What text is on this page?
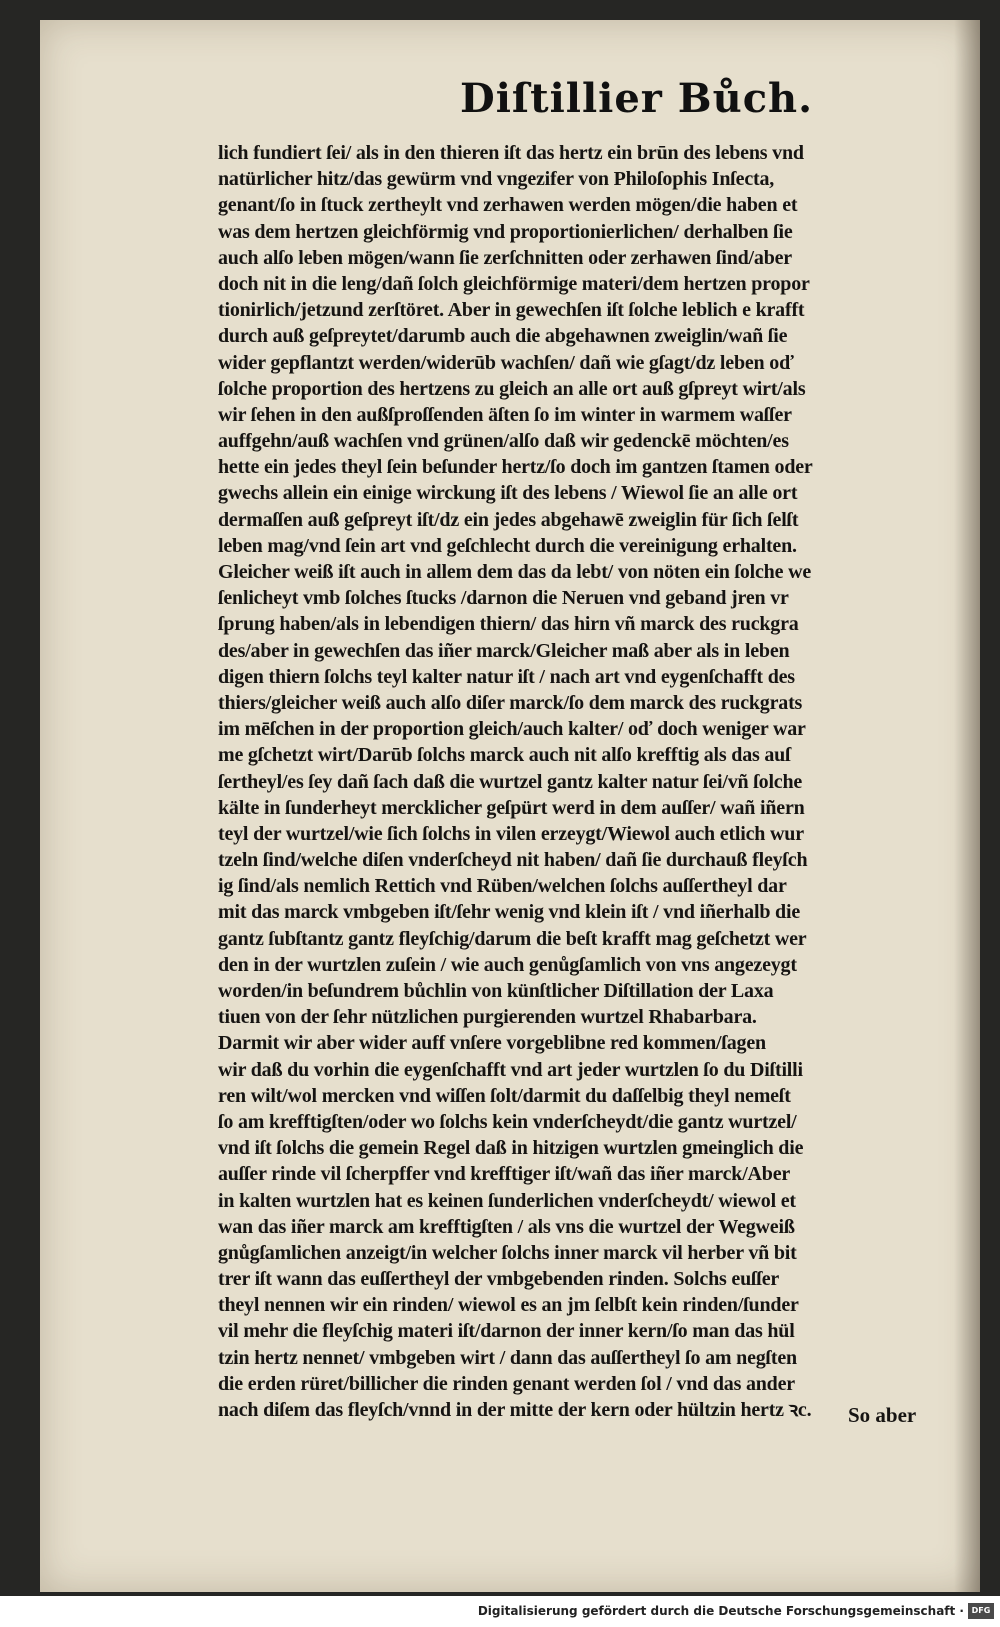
Diſtillier Bůch.
lich fundiert ſei/ als in den thieren iſt das hertz ein brūn des lebens vnd
natürlicher hitz/das gewürm vnd vngezifer von Philoſophis Inſecta,
genant/ſo in ſtuck zertheylt vnd zerhawen werden mögen/die haben et
was dem hertzen gleichförmig vnd proportionierlichen/ derhalben ſie
auch alſo leben mögen/wann ſie zerſchnitten oder zerhawen ſind/aber
doch nit in die leng/dañ ſolch gleichförmige materi/dem hertzen propor
tionirlich/jetzund zerſtöret. Aber in gewechſen iſt ſolche leblich e krafft
durch auß geſpreytet/darumb auch die abgehawnen zweiglin/wañ ſie
wider gepflantzt werden/widerūb wachſen/ dañ wie gſagt/dz leben oď
ſolche proportion des hertzens zu gleich an alle ort auß gſpreyt wirt/als
wir ſehen in den außſproſſenden äſten ſo im winter in warmem waſſer
auffgehn/auß wachſen vnd grünen/alſo daß wir gedenckē möchten/es
hette ein jedes theyl ſein beſunder hertz/ſo doch im gantzen ſtamen oder
gwechs allein ein einige wirckung iſt des lebens / Wiewol ſie an alle ort
dermaſſen auß geſpreyt iſt/dz ein jedes abgehawē zweiglin für ſich ſelſt
leben mag/vnd ſein art vnd geſchlecht durch die vereinigung erhalten.
Gleicher weiß iſt auch in allem dem das da lebt/ von nöten ein ſolche we
ſenlicheyt vmb ſolches ſtucks /darnon die Neruen vnd geband jren vr
ſprung haben/als in lebendigen thiern/ das hirn vñ marck des ruckgra
des/aber in gewechſen das iñer marck/Gleicher maß aber als in leben
digen thiern ſolchs teyl kalter natur iſt / nach art vnd eygenſchafft des
thiers/gleicher weiß auch alſo diſer marck/ſo dem marck des ruckgrats
im mēſchen in der proportion gleich/auch kalter/ oď doch weniger war
me gſchetzt wirt/Darūb ſolchs marck auch nit alſo krefftig als das auſ
ſertheyl/es ſey dañ ſach daß die wurtzel gantz kalter natur ſei/vñ ſolche
kälte in ſunderheyt mercklicher geſpürt werd in dem auſſer/ wañ iñern
teyl der wurtzel/wie ſich ſolchs in vilen erzeygt/Wiewol auch etlich wur
tzeln ſind/welche diſen vnderſcheyd nit haben/ dañ ſie durchauß fleyſch
ig ſind/als nemlich Rettich vnd Rüben/welchen ſolchs auſſertheyl dar
mit das marck vmbgeben iſt/ſehr wenig vnd klein iſt / vnd iñerhalb die
gantz ſubſtantz gantz fleyſchig/darum die beſt krafft mag geſchetzt wer
den in der wurtzlen zuſein / wie auch genůgſamlich von vns angezeygt
worden/in beſundrem bůchlin von künſtlicher Diſtillation der Laxa
tiuen von der ſehr nützlichen purgierenden wurtzel Rhabarbara.
Darmit wir aber wider auff vnſere vorgeblibne red kommen/ſagen
wir daß du vorhin die eygenſchafft vnd art jeder wurtzlen ſo du Diſtilli
ren wilt/wol mercken vnd wiſſen ſolt/darmit du daſſelbig theyl nemeſt
ſo am krefftigſten/oder wo ſolchs kein vnderſcheydt/die gantz wurtzel/
vnd iſt ſolchs die gemein Regel daß in hitzigen wurtzlen gmeinglich die
auſſer rinde vil ſcherpffer vnd krefftiger iſt/wañ das iñer marck/Aber
in kalten wurtzlen hat es keinen ſunderlichen vnderſcheydt/ wiewol et
wan das iñer marck am krefftigſten / als vns die wurtzel der Wegweiß
gnůgſamlichen anzeigt/in welcher ſolchs inner marck vil herber vñ bit
trer iſt wann das euſſertheyl der vmbgebenden rinden. Solchs euſſer
theyl nennen wir ein rinden/ wiewol es an jm ſelbſt kein rinden/ſunder
vil mehr die fleyſchig materi iſt/darnon der inner kern/ſo man das hül
tzin hertz nennet/ vmbgeben wirt / dann das auſſertheyl ſo am negſten
die erden rüret/billicher die rinden genant werden ſol / vnd das ander
nach diſem das fleyſch/vnnd in der mitte der kern oder hültzin hertz ꝛc.	So aber
Digitalisierung gefördert durch die Deutsche Forschungsgemeinschaft · DFG
